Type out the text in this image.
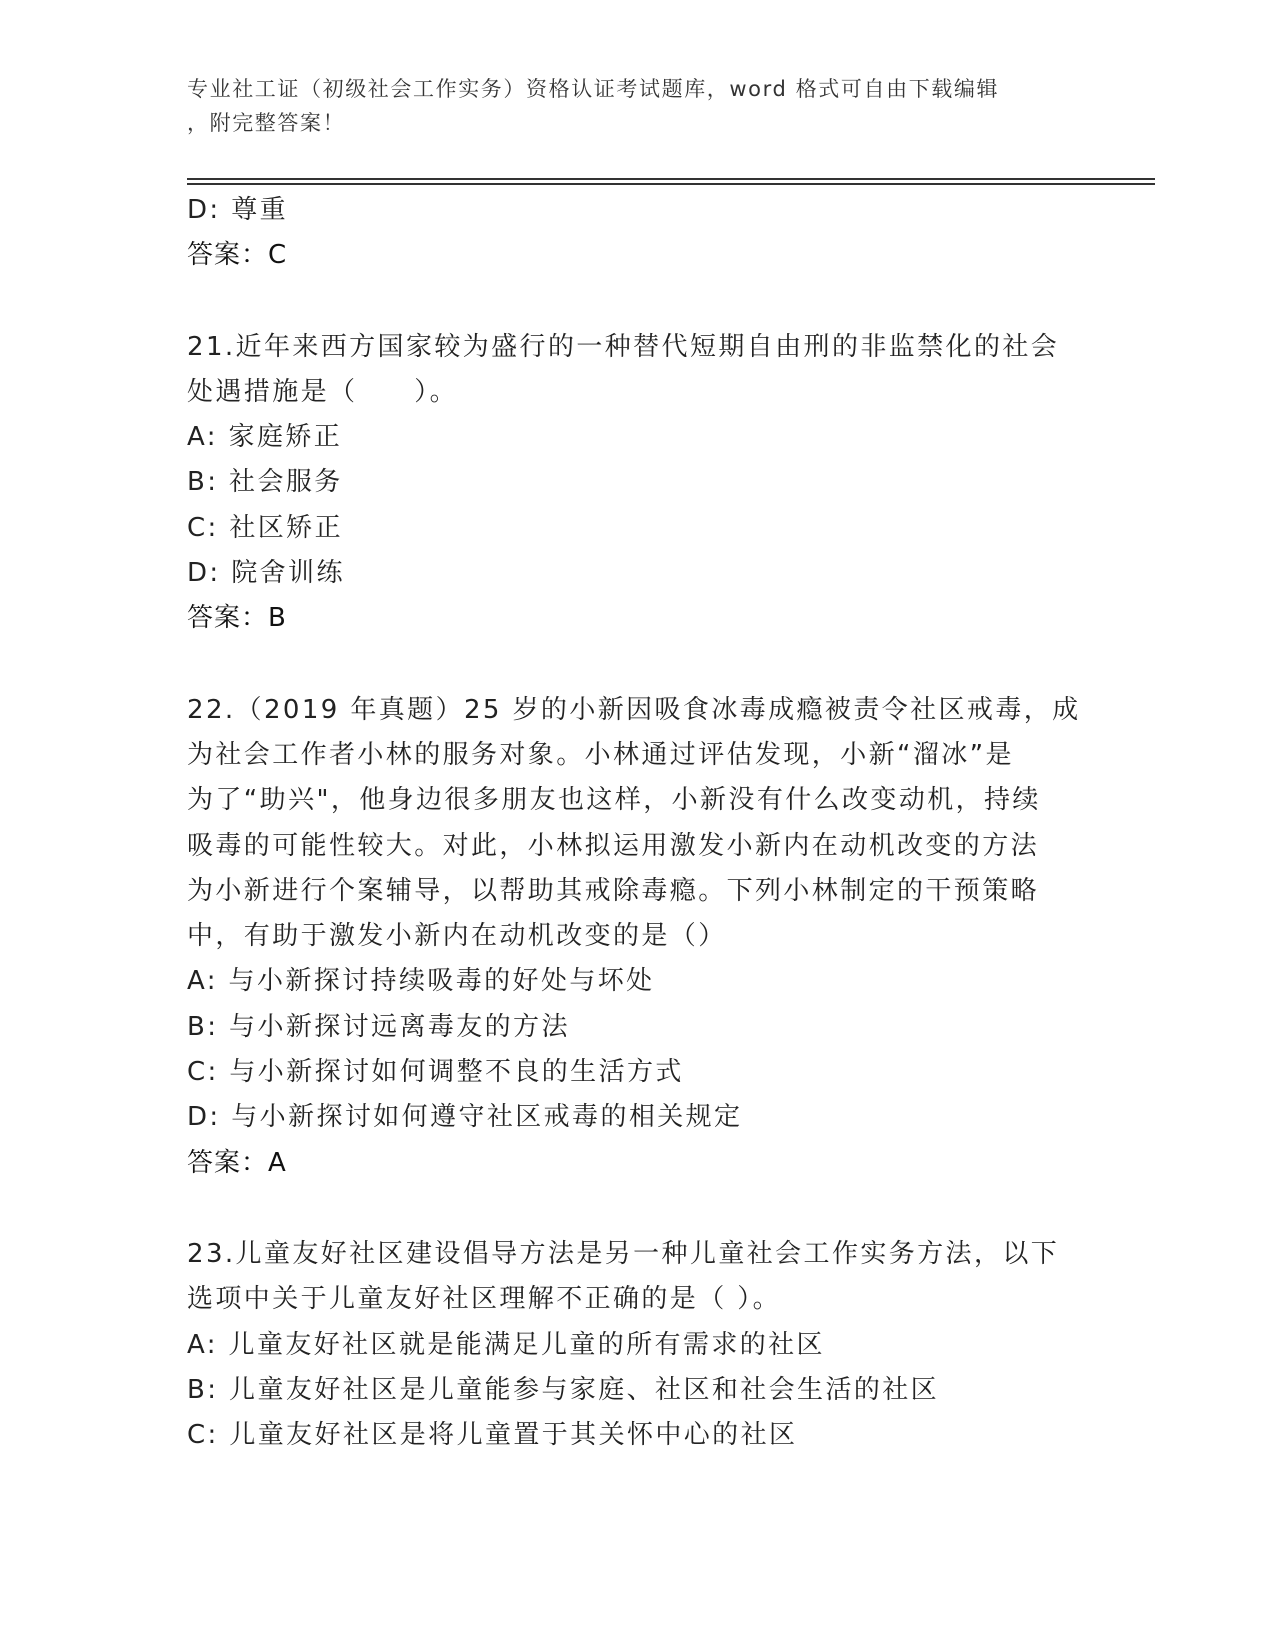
专业社工证（初级社会工作实务）资格认证考试题库，word 格式可自由下载编辑
，附完整答案！
D: 尊重
答案：C
21.近年来西方国家较为盛行的一种替代短期自由刑的非监禁化的社会
处遇措施是（　　）。
A: 家庭矫正
B: 社会服务
C: 社区矫正
D: 院舍训练
答案：B
22.（2019 年真题）25 岁的小新因吸食冰毒成瘾被责令社区戒毒，成
为社会工作者小林的服务对象。小林通过评估发现，小新“溜冰”是
为了“助兴"，他身边很多朋友也这样，小新没有什么改变动机，持续
吸毒的可能性较大。对此，小林拟运用激发小新内在动机改变的方法
为小新进行个案辅导，以帮助其戒除毒瘾。下列小林制定的干预策略
中，有助于激发小新内在动机改变的是（）
A: 与小新探讨持续吸毒的好处与坏处
B: 与小新探讨远离毒友的方法
C: 与小新探讨如何调整不良的生活方式
D: 与小新探讨如何遵守社区戒毒的相关规定
答案：A
23.儿童友好社区建设倡导方法是另一种儿童社会工作实务方法，以下
选项中关于儿童友好社区理解不正确的是（ ）。
A: 儿童友好社区就是能满足儿童的所有需求的社区
B: 儿童友好社区是儿童能参与家庭、社区和社会生活的社区
C: 儿童友好社区是将儿童置于其关怀中心的社区
